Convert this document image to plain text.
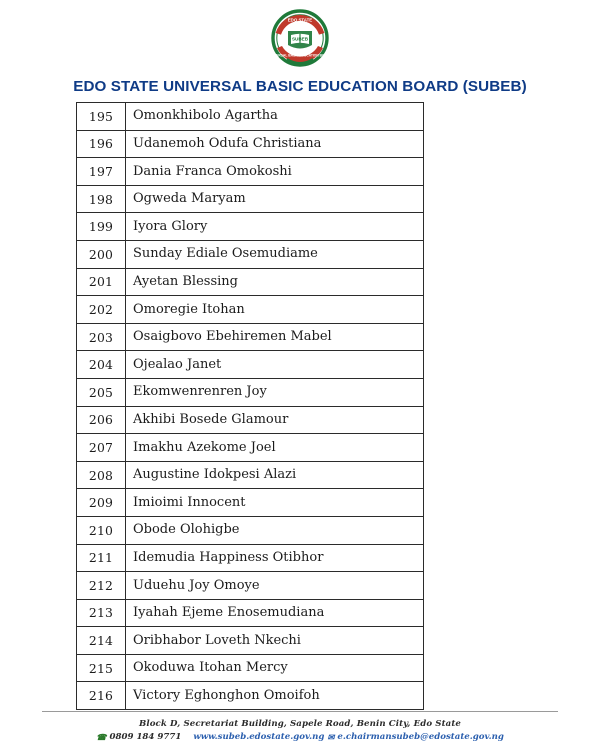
EDO STATE
SUBEB
UNIVERSAL BASIC EDUCATION BOARD
EDO STATE UNIVERSAL BASIC EDUCATION BOARD (SUBEB)
195	Omonkhibolo Agartha
196	Udanemoh Odufa Christiana
197	Dania Franca Omokoshi
198	Ogweda Maryam
199	Iyora Glory
200	Sunday Ediale Osemudiame
201	Ayetan Blessing
202	Omoregie Itohan
203	Osaigbovo Ebehiremen Mabel
204	Ojealao Janet
205	Ekomwenrenren Joy
206	Akhibi Bosede Glamour
207	Imakhu Azekome Joel
208	Augustine Idokpesi Alazi
209	Imioimi Innocent
210	Obode Olohigbe
211	Idemudia Happiness Otibhor
212	Uduehu Joy Omoye
213	Iyahah Ejeme Enosemudiana
214	Oribhabor Loveth Nkechi
215	Okoduwa Itohan Mercy
216	Victory Eghonghon Omoifoh
Block D, Secretariat Building, Sapele Road, Benin City, Edo State
☎ 0809 184 9771 www.subeb.edostate.gov.ng ✉ e.chairmansubeb@edostate.gov.ng
